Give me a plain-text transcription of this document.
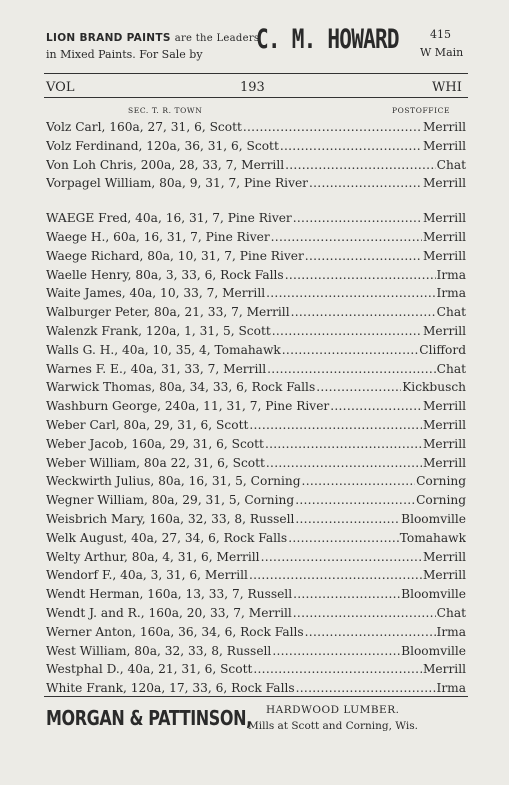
LION BRAND PAINTS are the Leaders
in Mixed Paints. For Sale by C. M. HOWARD	415
W Main
VOL	193	WHI
SEC. T. R. TOWN	POSTOFFICE
Volz Carl, 160a, 27, 31, 6, Scott . . .	Merrill
Volz Ferdinand, 120a, 36, 31, 6, Scott . . .	Merrill
Von Loh Chris, 200a, 28, 33, 7, Merrill . . .	Chat
Vorpagel William, 80a, 9, 31, 7, Pine River . . .	Merrill
WAEGE Fred, 40a, 16, 31, 7, Pine River . . .	Merrill
Waege H., 60a, 16, 31, 7, Pine River . . .	Merrill
Waege Richard, 80a, 10, 31, 7, Pine River . . .	Merrill
Waelle Henry, 80a, 3, 33, 6, Rock Falls . . .	Irma
Waite James, 40a, 10, 33, 7, Merrill . . .	Irma
Walburger Peter, 80a, 21, 33, 7, Merrill . . .	Chat
Walenzk Frank, 120a, 1, 31, 5, Scott . . .	Merrill
Walls G. H., 40a, 10, 35, 4, Tomahawk . . .	Clifford
Warnes F. E., 40a, 31, 33, 7, Merrill . . .	Chat
Warwick Thomas, 80a, 34, 33, 6, Rock Falls . . .	Kickbusch
Washburn George, 240a, 11, 31, 7, Pine River . . .	Merrill
Weber Carl, 80a, 29, 31, 6, Scott . . .	Merrill
Weber Jacob, 160a, 29, 31, 6, Scott . . .	Merrill
Weber William, 80a 22, 31, 6, Scott . . .	Merrill
Weckwirth Julius, 80a, 16, 31, 5, Corning . . .	Corning
Wegner William, 80a, 29, 31, 5, Corning . . .	Corning
Weisbrich Mary, 160a, 32, 33, 8, Russell . . .	Bloomville
Welk August, 40a, 27, 34, 6, Rock Falls . . .	Tomahawk
Welty Arthur, 80a, 4, 31, 6, Merrill . . .	Merrill
Wendorf F., 40a, 3, 31, 6, Merrill . . .	Merrill
Wendt Herman, 160a, 13, 33, 7, Russell . . .	Bloomville
Wendt J. and R., 160a, 20, 33, 7, Merrill . . .	Chat
Werner Anton, 160a, 36, 34, 6, Rock Falls . . .	Irma
West William, 80a, 32, 33, 8, Russell . . .	Bloomville
Westphal D., 40a, 21, 31, 6, Scott . . .	Merrill
White Frank, 120a, 17, 33, 6, Rock Falls . . .	Irma
MORGAN & PATTINSON, HARDWOOD LUMBER.
Mills at Scott and Corning, Wis.
